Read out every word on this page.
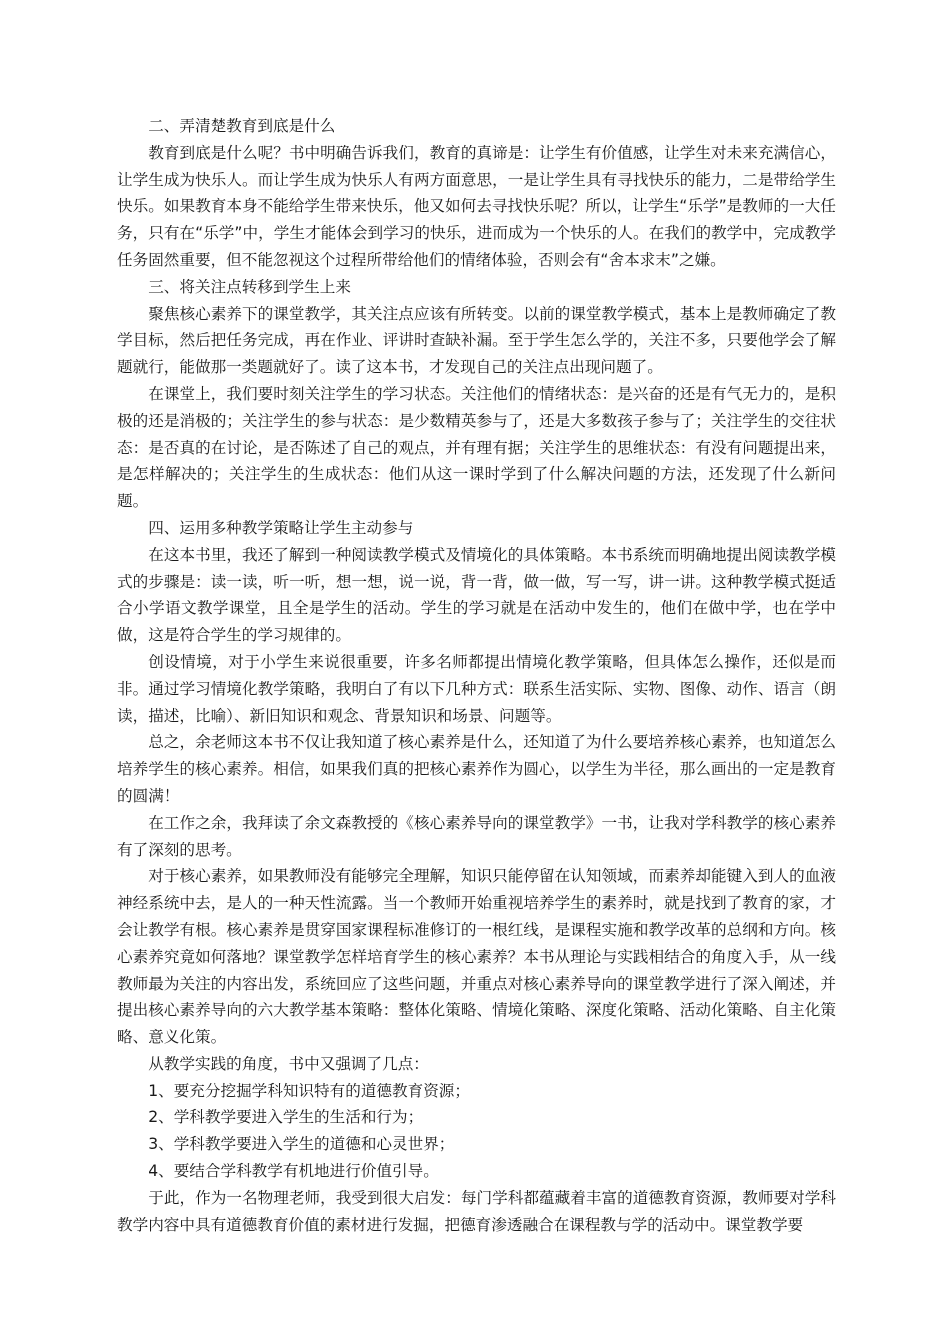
二、弄清楚教育到底是什么

教育到底是什么呢？书中明确告诉我们，教育的真谛是：让学生有价值感，让学生对未来充满信心，让学生成为快乐人。而让学生成为快乐人有两方面意思，一是让学生具有寻找快乐的能力，二是带给学生快乐。如果教育本身不能给学生带来快乐，他又如何去寻找快乐呢？所以，让学生“乐学”是教师的一大任务，只有在“乐学”中，学生才能体会到学习的快乐，进而成为一个快乐的人。在我们的教学中，完成教学任务固然重要，但不能忽视这个过程所带给他们的情绪体验，否则会有“舍本求末”之嫌。

三、将关注点转移到学生上来

聚焦核心素养下的课堂教学，其关注点应该有所转变。以前的课堂教学模式，基本上是教师确定了教学目标，然后把任务完成，再在作业、评讲时查缺补漏。至于学生怎么学的，关注不多，只要他学会了解题就行，能做那一类题就好了。读了这本书，才发现自己的关注点出现问题了。

在课堂上，我们要时刻关注学生的学习状态。关注他们的情绪状态：是兴奋的还是有气无力的，是积极的还是消极的；关注学生的参与状态：是少数精英参与了，还是大多数孩子参与了；关注学生的交往状态：是否真的在讨论，是否陈述了自己的观点，并有理有据；关注学生的思维状态：有没有问题提出来，是怎样解决的；关注学生的生成状态：他们从这一课时学到了什么解决问题的方法，还发现了什么新问题。

四、运用多种教学策略让学生主动参与

在这本书里，我还了解到一种阅读教学模式及情境化的具体策略。本书系统而明确地提出阅读教学模式的步骤是：读一读，听一听，想一想，说一说，背一背，做一做，写一写，讲一讲。这种教学模式挺适合小学语文教学课堂，且全是学生的活动。学生的学习就是在活动中发生的，他们在做中学，也在学中做，这是符合学生的学习规律的。

创设情境，对于小学生来说很重要，许多名师都提出情境化教学策略，但具体怎么操作，还似是而非。通过学习情境化教学策略，我明白了有以下几种方式：联系生活实际、实物、图像、动作、语言（朗读，描述，比喻）、新旧知识和观念、背景知识和场景、问题等。

总之，余老师这本书不仅让我知道了核心素养是什么，还知道了为什么要培养核心素养，也知道怎么培养学生的核心素养。相信，如果我们真的把核心素养作为圆心，以学生为半径，那么画出的一定是教育的圆满！

在工作之余，我拜读了余文森教授的《核心素养导向的课堂教学》一书，让我对学科教学的核心素养有了深刻的思考。

对于核心素养，如果教师没有能够完全理解，知识只能停留在认知领域，而素养却能键入到人的血液神经系统中去，是人的一种天性流露。当一个教师开始重视培养学生的素养时，就是找到了教育的家，才会让教学有根。核心素养是贯穿国家课程标准修订的一根红线，是课程实施和教学改革的总纲和方向。核心素养究竟如何落地？课堂教学怎样培育学生的核心素养？本书从理论与实践相结合的角度入手，从一线教师最为关注的内容出发，系统回应了这些问题，并重点对核心素养导向的课堂教学进行了深入阐述，并提出核心素养导向的六大教学基本策略：整体化策略、情境化策略、深度化策略、活动化策略、自主化策略、意义化策。

从教学实践的角度，书中又强调了几点：

1、要充分挖掘学科知识特有的道德教育资源；

2、学科教学要进入学生的生活和行为；

3、学科教学要进入学生的道德和心灵世界；

4、要结合学科教学有机地进行价值引导。

于此，作为一名物理老师，我受到很大启发：每门学科都蕴藏着丰富的道德教育资源，教师要对学科教学内容中具有道德教育价值的素材进行发掘，把德育渗透融合在课程教与学的活动中。课堂教学要
